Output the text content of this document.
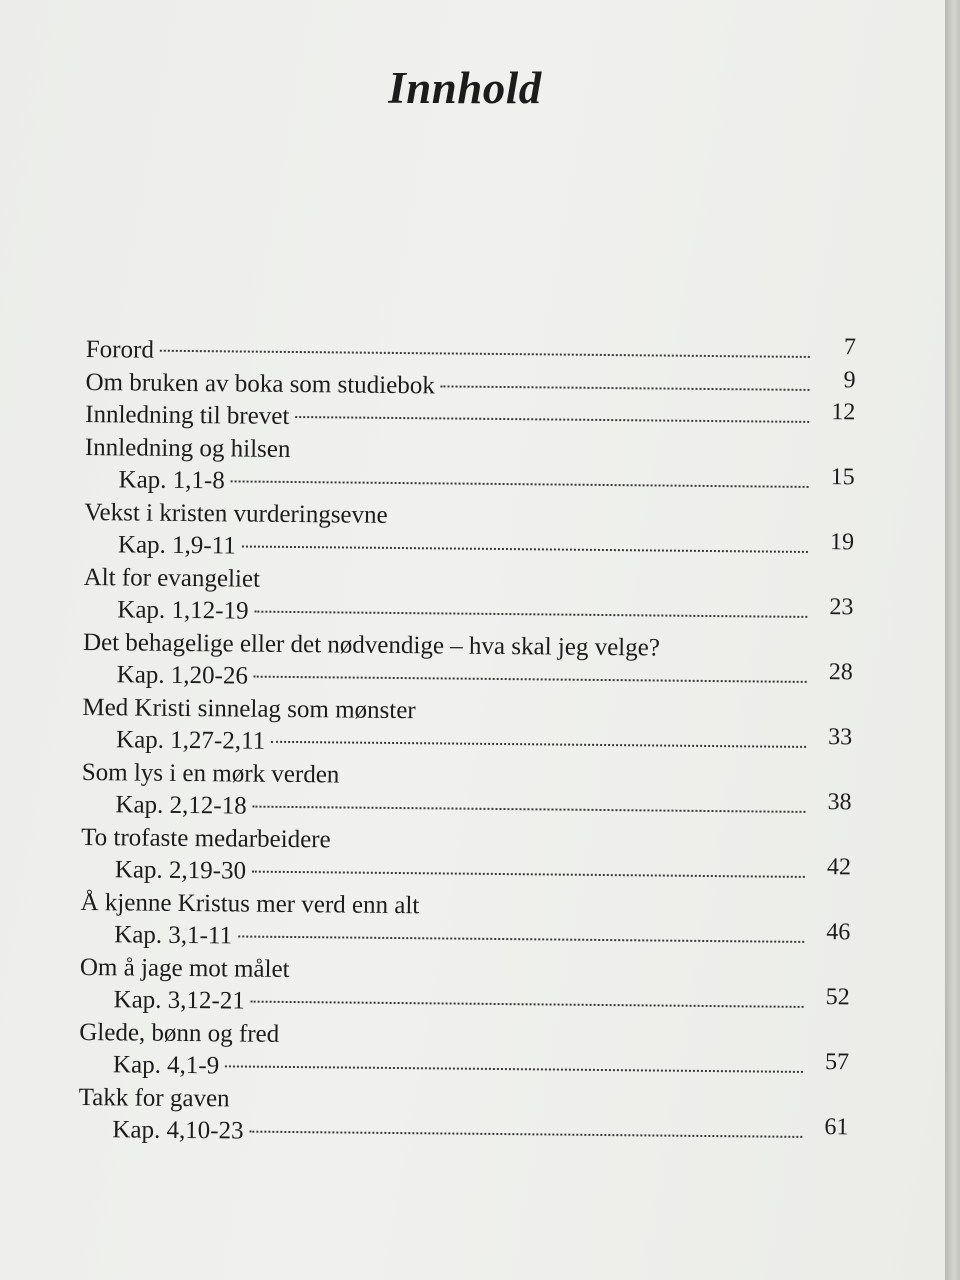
Innhold
Forord	7
Om bruken av boka som studiebok	9
Innledning til brevet	12
Innledning og hilsen
Kap. 1,1-8	15
Vekst i kristen vurderingsevne
Kap. 1,9-11	19
Alt for evangeliet
Kap. 1,12-19	23
Det behagelige eller det nødvendige – hva skal jeg velge?
Kap. 1,20-26	28
Med Kristi sinnelag som mønster
Kap. 1,27-2,11	33
Som lys i en mørk verden
Kap. 2,12-18	38
To trofaste medarbeidere
Kap. 2,19-30	42
Å kjenne Kristus mer verd enn alt
Kap. 3,1-11	46
Om å jage mot målet
Kap. 3,12-21	52
Glede, bønn og fred
Kap. 4,1-9	57
Takk for gaven
Kap. 4,10-23	61
